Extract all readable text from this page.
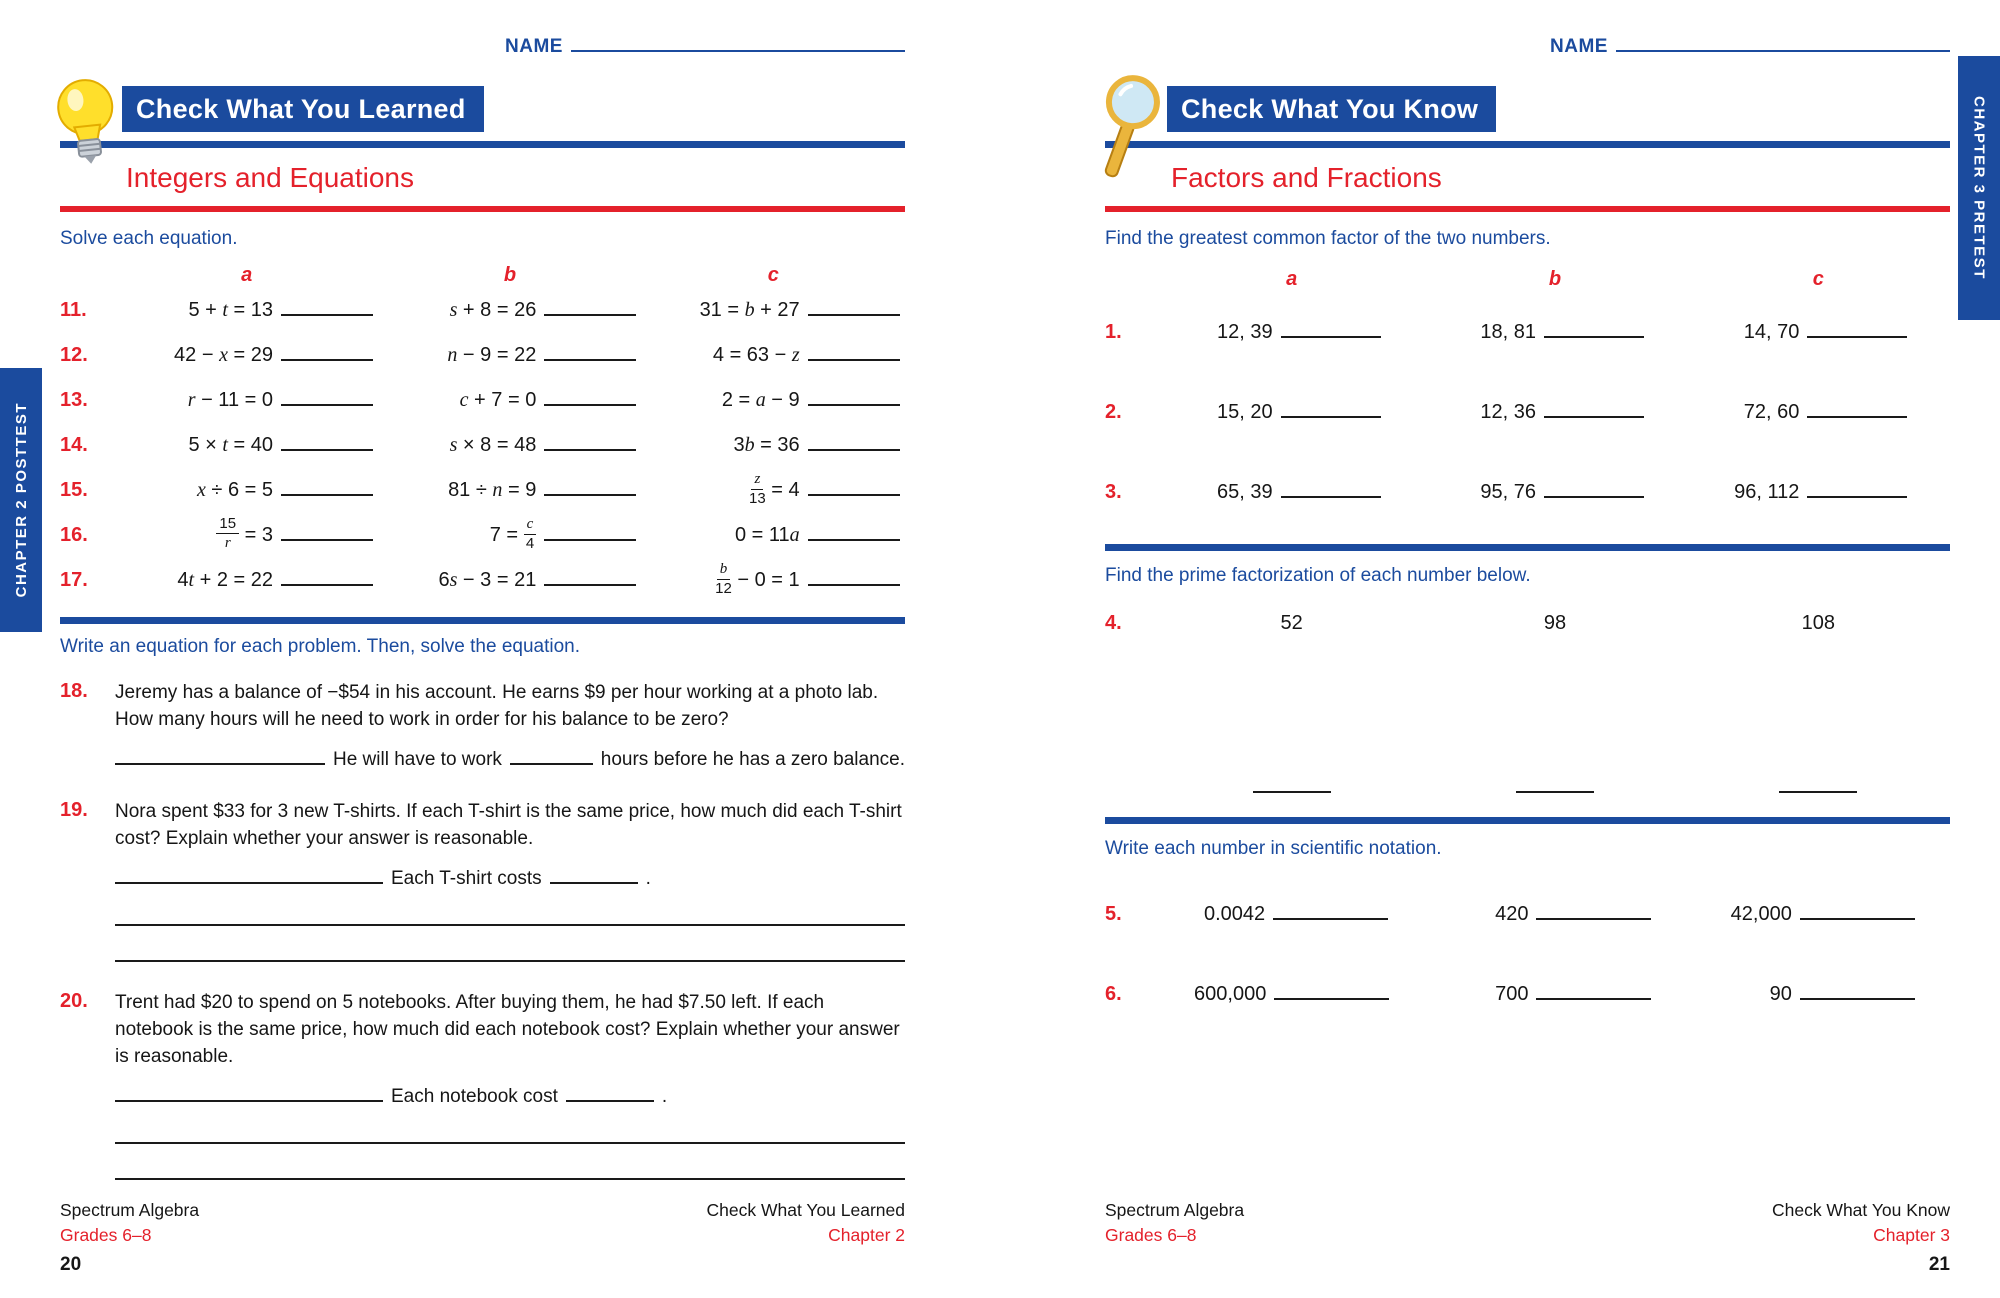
CHAPTER 2 POSTTEST
CHAPTER 3 PRETEST
NAME
Check What You Learned
Integers and Equations
Solve each equation.
a	b	c
11.	5 + t = 13	s + 8 = 26	31 = b + 27
12.	42 − x = 29	n − 9 = 22	4 = 63 − z
13.	r − 11 = 0	c + 7 = 0	2 = a − 9
14.	5 × t = 40	s × 8 = 48	3b = 36
15.	x ÷ 6 = 5	81 ÷ n = 9	$\frac{z}{13} = 4$
16.	$\frac{15}{r} = 3$	$7 = \frac{c}{4}$	0 = 11a
17.	4t + 2 = 22	6s − 3 = 21	$\frac{b}{12} - 0 = 1$
Write an equation for each problem. Then, solve the equation.
18.	Jeremy has a balance of −$54 in his account. He earns $9 per hour working at a photo lab. How many hours will he need to work in order for his balance to be zero?

He will have to work	hours before he has a zero balance.

19.	Nora spent $33 for 3 new T-shirts. If each T-shirt is the same price, how much did each T-shirt cost? Explain whether your answer is reasonable.

Each T-shirt costs	.

20.	Trent had $20 to spend on 5 notebooks. After buying them, he had $7.50 left. If each notebook is the same price, how much did each notebook cost? Explain whether your answer is reasonable.

Each notebook cost	.

Spectrum Algebra
Grades 6–8
20
Check What You Learned
Chapter 2
NAME
Check What You Know
Factors and Fractions
Find the greatest common factor of the two numbers.
a	b	c
1.	12, 39	18, 81	14, 70
2.	15, 20	12, 36	72, 60
3.	65, 39	95, 76	96, 112
Find the prime factorization of each number below.
4.	52	98	108
Write each number in scientific notation.
5.	0.0042	420	42,000
6.	600,000	700	90
Spectrum Algebra
Grades 6–8
Check What You Know
Chapter 3
21
